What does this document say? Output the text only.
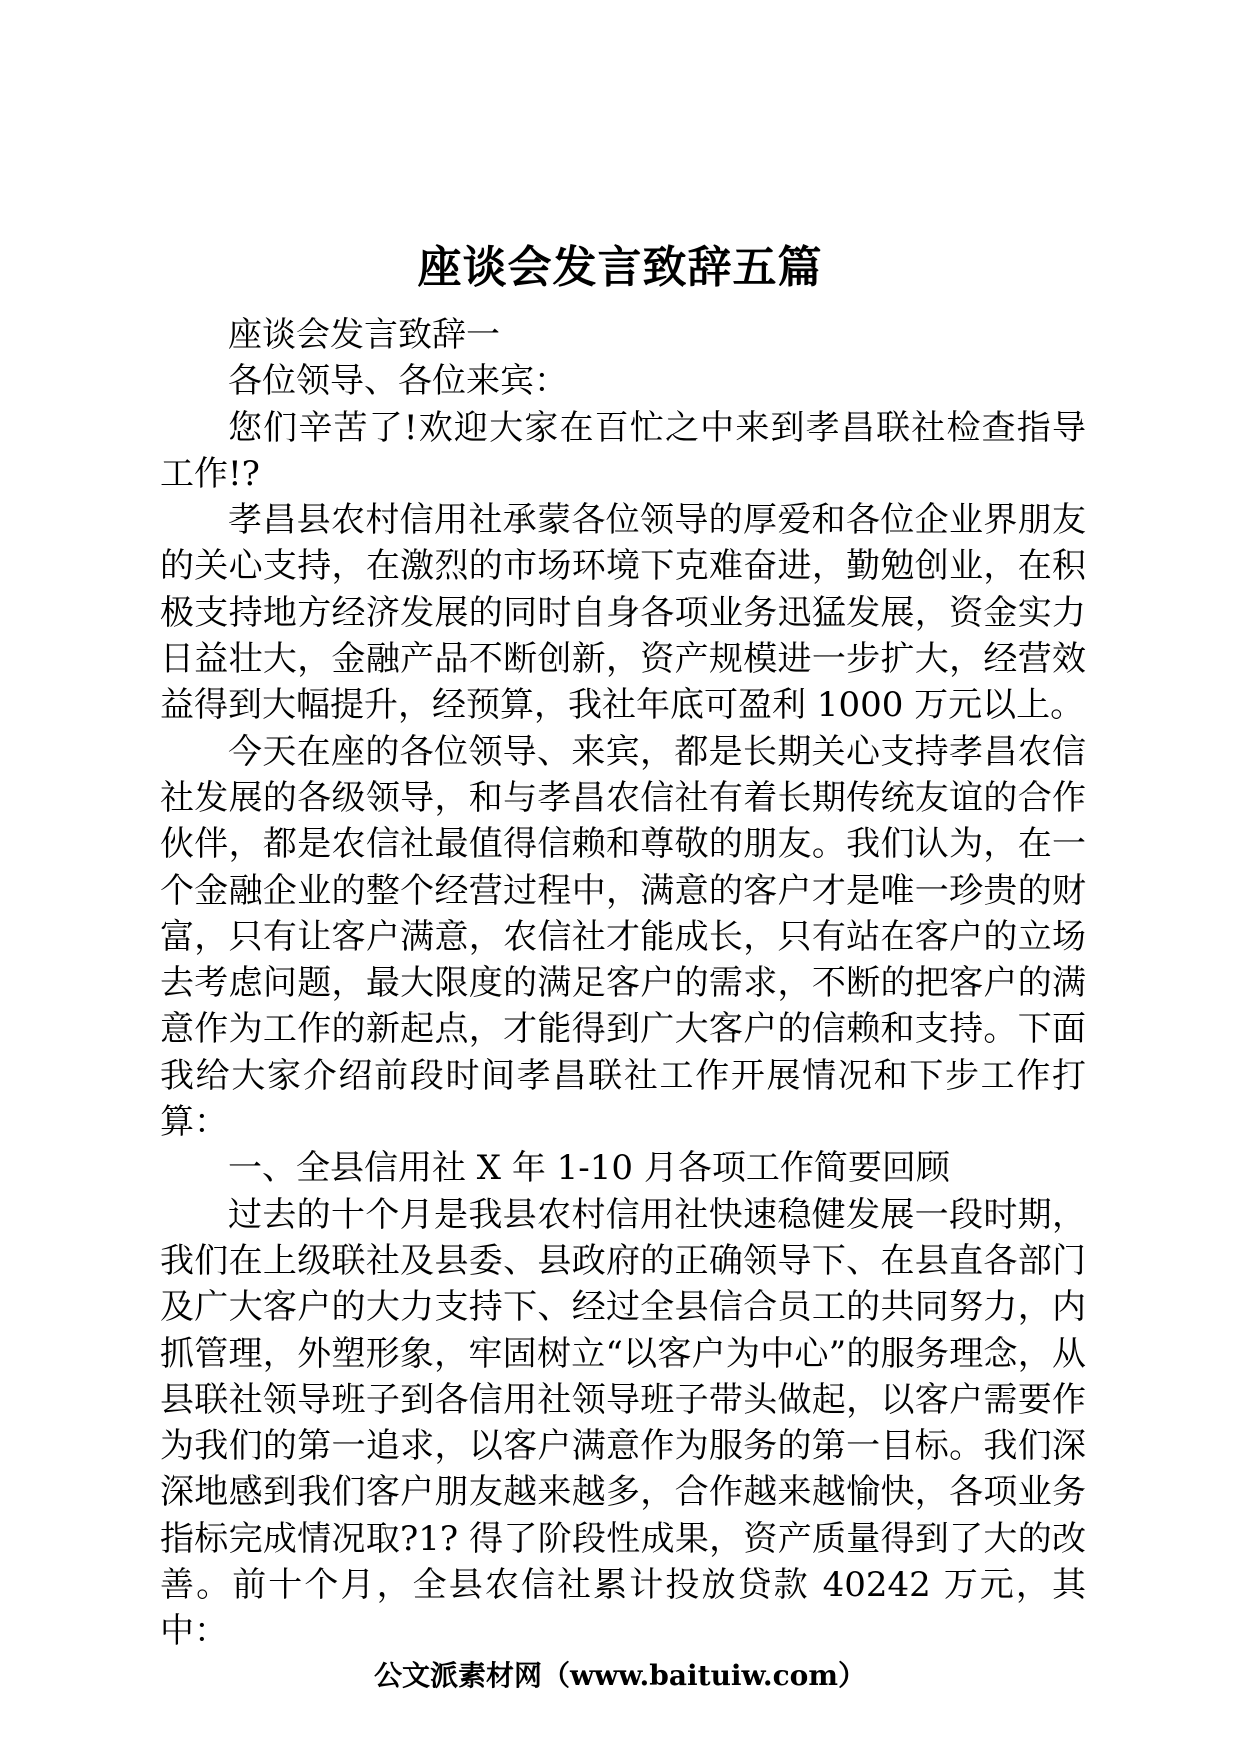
座谈会发言致辞五篇

座谈会发言致辞一

各位领导、各位来宾：

您们辛苦了!欢迎大家在百忙之中来到孝昌联社检查指导工作!?

孝昌县农村信用社承蒙各位领导的厚爱和各位企业界朋友的关心支持，在激烈的市场环境下克难奋进，勤勉创业，在积极支持地方经济发展的同时自身各项业务迅猛发展，资金实力日益壮大，金融产品不断创新，资产规模进一步扩大，经营效益得到大幅提升，经预算，我社年底可盈利 1000 万元以上。

今天在座的各位领导、来宾，都是长期关心支持孝昌农信社发展的各级领导，和与孝昌农信社有着长期传统友谊的合作伙伴，都是农信社最值得信赖和尊敬的朋友。我们认为，在一个金融企业的整个经营过程中，满意的客户才是唯一珍贵的财富，只有让客户满意，农信社才能成长，只有站在客户的立场去考虑问题，最大限度的满足客户的需求，不断的把客户的满意作为工作的新起点，才能得到广大客户的信赖和支持。下面我给大家介绍前段时间孝昌联社工作开展情况和下步工作打算：

一、全县信用社 X 年 1-10 月各项工作简要回顾

过去的十个月是我县农村信用社快速稳健发展一段时期，我们在上级联社及县委、县政府的正确领导下、在县直各部门及广大客户的大力支持下、经过全县信合员工的共同努力，内抓管理，外塑形象，牢固树立“以客户为中心”的服务理念，从县联社领导班子到各信用社领导班子带头做起，以客户需要作为我们的第一追求，以客户满意作为服务的第一目标。我们深深地感到我们客户朋友越来越多，合作越来越愉快，各项业务指标完成情况取?1? 得了阶段性成果，资产质量得到了大的改善。前十个月，全县农信社累计投放贷款 40242 万元，其中：

公文派素材网（www.baituiw.com）
